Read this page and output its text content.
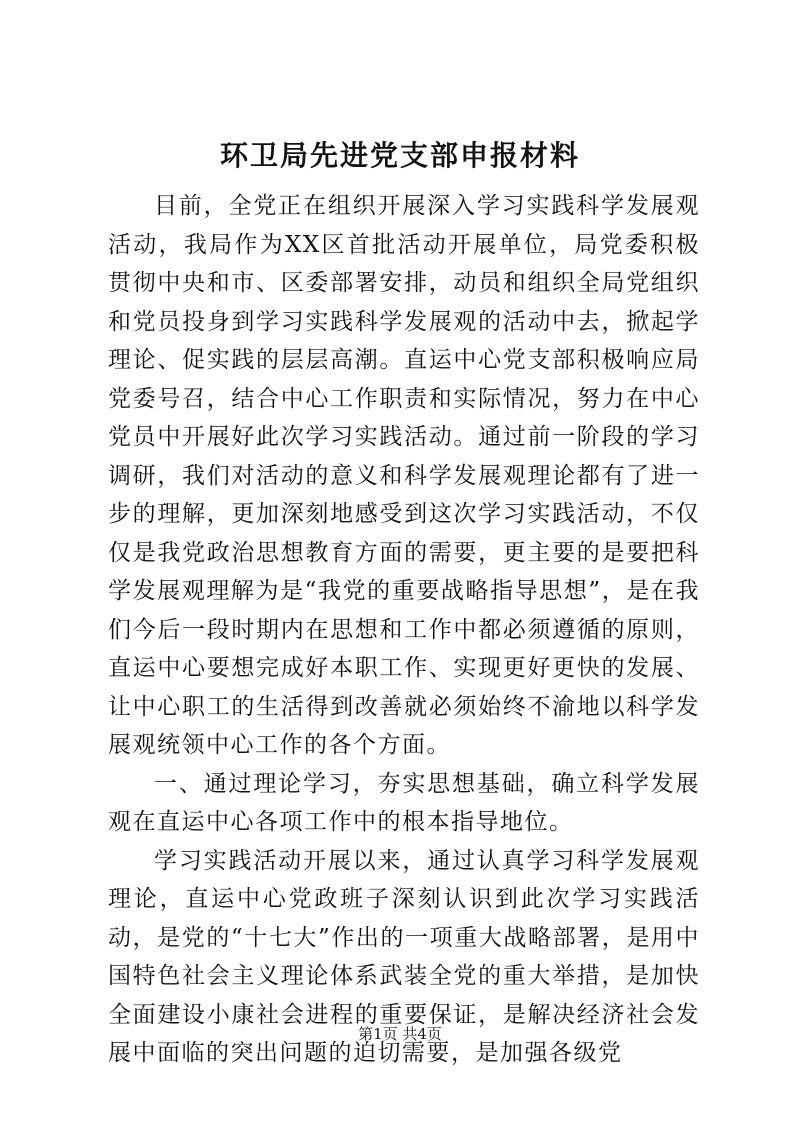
环卫局先进党支部申报材料

目前，全党正在组织开展深入学习实践科学发展观活动，我局作为XX区首批活动开展单位，局党委积极贯彻中央和市、区委部署安排，动员和组织全局党组织和党员投身到学习实践科学发展观的活动中去，掀起学理论、促实践的层层高潮。直运中心党支部积极响应局党委号召，结合中心工作职责和实际情况，努力在中心党员中开展好此次学习实践活动。通过前一阶段的学习调研，我们对活动的意义和科学发展观理论都有了进一步的理解，更加深刻地感受到这次学习实践活动，不仅仅是我党政治思想教育方面的需要，更主要的是要把科学发展观理解为是“我党的重要战略指导思想”，是在我们今后一段时期内在思想和工作中都必须遵循的原则，直运中心要想完成好本职工作、实现更好更快的发展、让中心职工的生活得到改善就必须始终不渝地以科学发展观统领中心工作的各个方面。

一、通过理论学习，夯实思想基础，确立科学发展观在直运中心各项工作中的根本指导地位。

学习实践活动开展以来，通过认真学习科学发展观理论，直运中心党政班子深刻认识到此次学习实践活动，是党的“十七大”作出的一项重大战略部署，是用中国特色社会主义理论体系武装全党的重大举措，是加快全面建设小康社会进程的重要保证，是解决经济社会发展中面临的突出问题的迫切需要，是加强各级党

第1页 共4页
